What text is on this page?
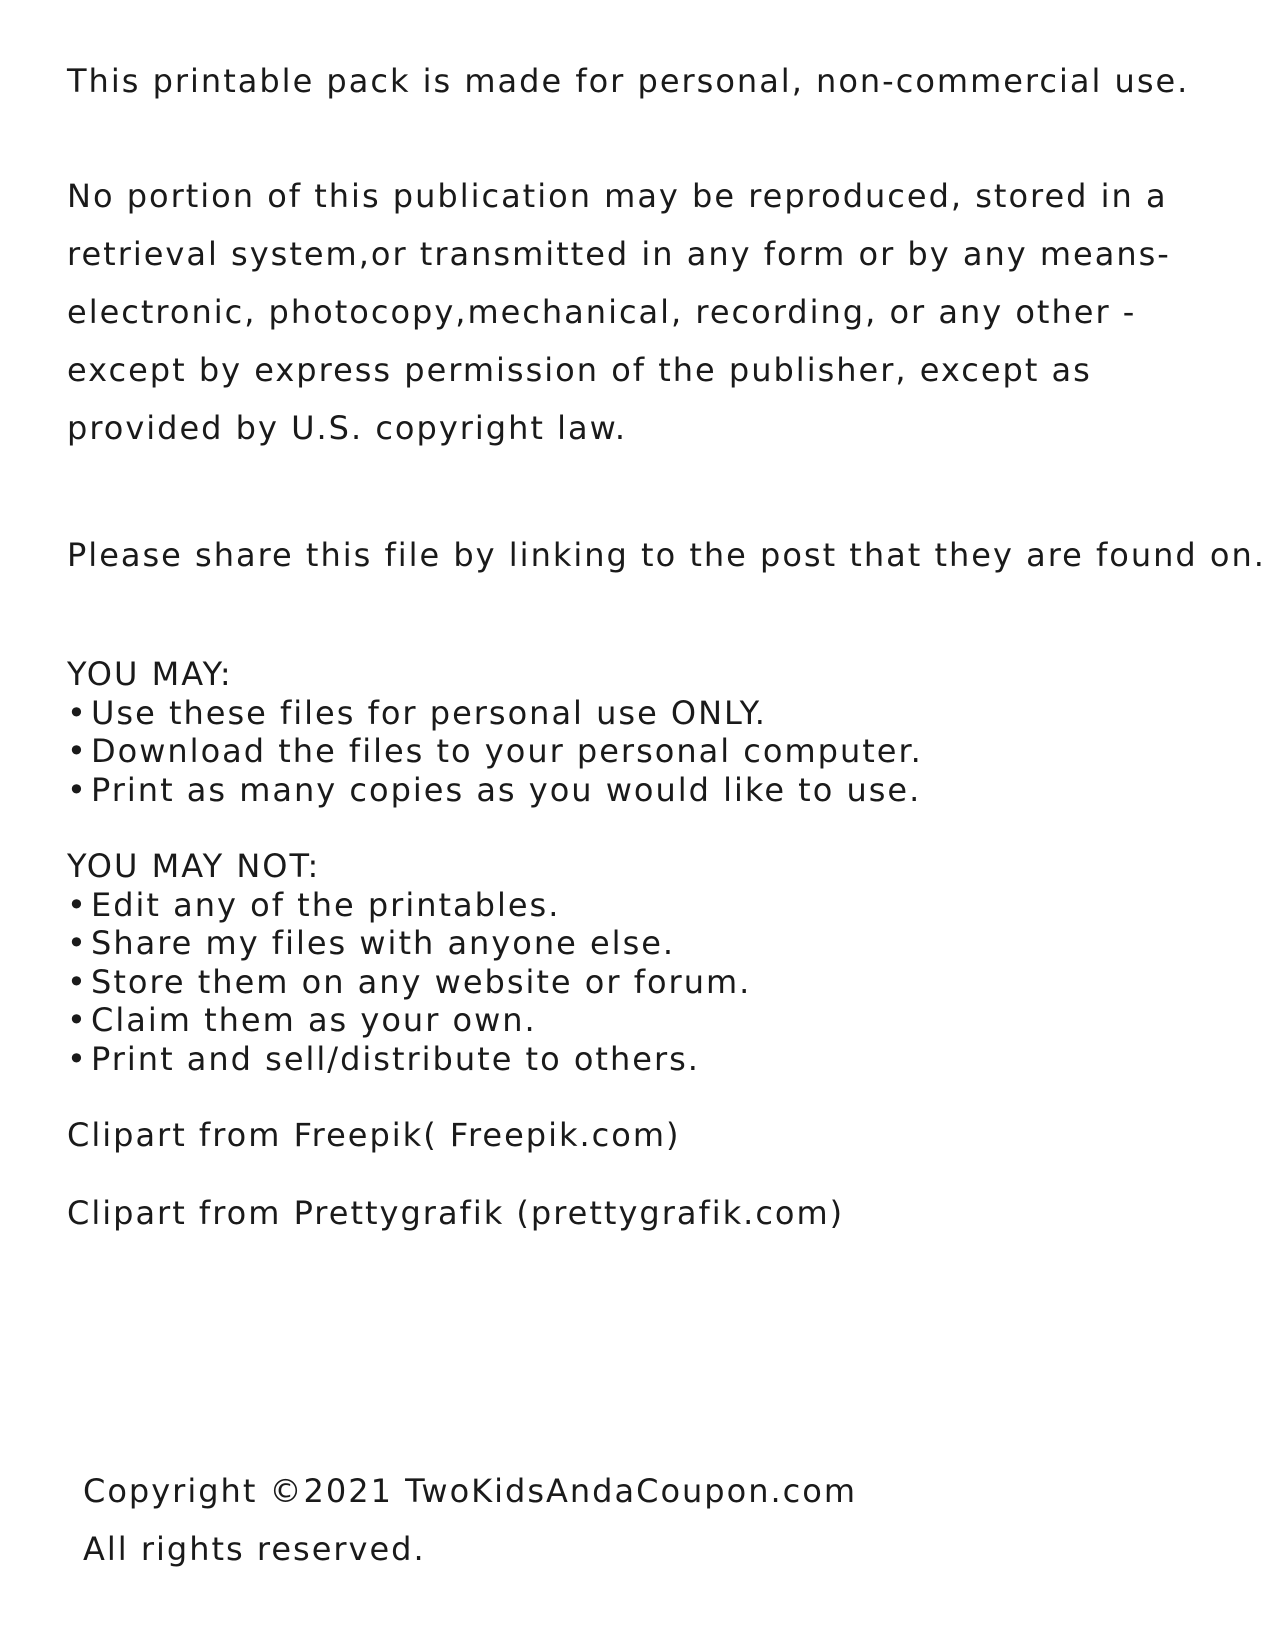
This printable pack is made for personal, non-commercial use.
No portion of this publication may be reproduced, stored in a
retrieval system,or transmitted in any form or by any means-
electronic, photocopy,mechanical, recording, or any other -
except by express permission of the publisher, except as
provided by U.S. copyright law.
Please share this file by linking to the post that they are found on.
YOU MAY:
•Use these files for personal use ONLY.
•Download the files to your personal computer.
•Print as many copies as you would like to use.
YOU MAY NOT:
•Edit any of the printables.
•Share my files with anyone else.
•Store them on any website or forum.
•Claim them as your own.
•Print and sell/distribute to others.
Clipart from Freepik( Freepik.com)
Clipart from Prettygrafik (prettygrafik.com)
Copyright ©2021 TwoKidsAndaCoupon.com
All rights reserved.
